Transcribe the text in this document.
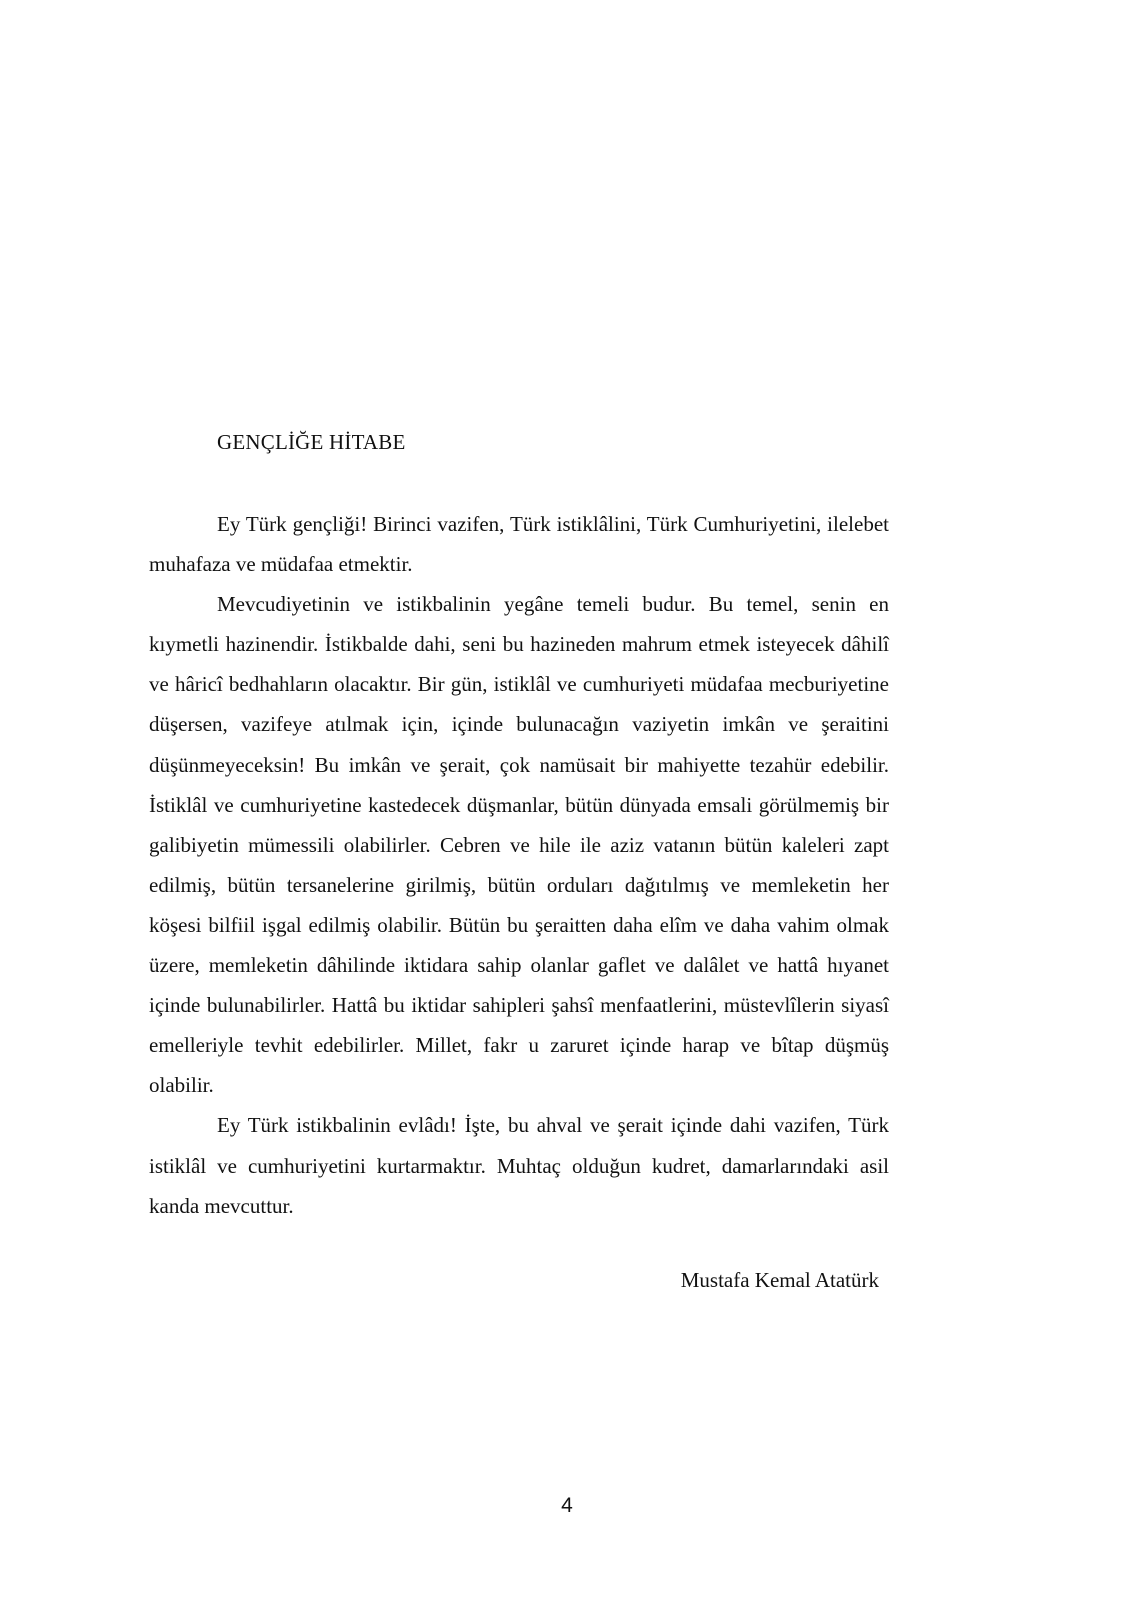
GENÇLİĞE HİTABE

Ey Türk gençliği! Birinci vazifen, Türk istiklâlini, Türk Cumhuriyetini, ilelebet muhafaza ve müdafaa etmektir.

Mevcudiyetinin ve istikbalinin yegâne temeli budur. Bu temel, senin en kıymetli hazinendir. İstikbalde dahi, seni bu hazineden mahrum etmek isteyecek dâhilî ve hâricî bedhahların olacaktır. Bir gün, istiklâl ve cumhuriyeti müdafaa mecburiyetine düşersen, vazifeye atılmak için, içinde bulunacağın vaziyetin imkân ve şeraitini düşünmeyeceksin! Bu imkân ve şerait, çok namüsait bir mahiyette tezahür edebilir. İstiklâl ve cumhuriyetine kastedecek düşmanlar, bütün dünyada emsali görülmemiş bir galibiyetin mümessili olabilirler. Cebren ve hile ile aziz vatanın bütün kaleleri zapt edilmiş, bütün tersanelerine girilmiş, bütün orduları dağıtılmış ve memleketin her köşesi bilfiil işgal edilmiş olabilir. Bütün bu şeraitten daha elîm ve daha vahim olmak üzere, memleketin dâhilinde iktidara sahip olanlar gaflet ve dalâlet ve hattâ hıyanet içinde bulunabilirler. Hattâ bu iktidar sahipleri şahsî menfaatlerini, müstevlîlerin siyasî emelleriyle tevhit edebilirler. Millet, fakr u zaruret içinde harap ve bîtap düşmüş olabilir.

Ey Türk istikbalinin evlâdı! İşte, bu ahval ve şerait içinde dahi vazifen, Türk istiklâl ve cumhuriyetini kurtarmaktır. Muhtaç olduğun kudret, damarlarındaki asil kanda mevcuttur.

Mustafa Kemal Atatürk
4
